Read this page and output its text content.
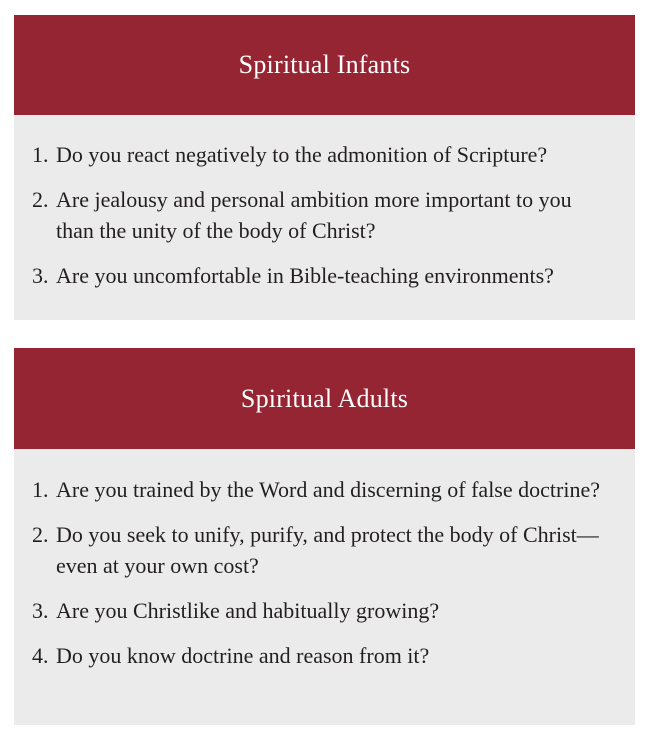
Spiritual Infants
1. Do you react negatively to the admonition of Scripture?
2. Are jealousy and personal ambition more important to you than the unity of the body of Christ?
3. Are you uncomfortable in Bible-teaching environments?
Spiritual Adults
1. Are you trained by the Word and discerning of false doctrine?
2. Do you seek to unify, purify, and protect the body of Christ—even at your own cost?
3. Are you Christlike and habitually growing?
4. Do you know doctrine and reason from it?
